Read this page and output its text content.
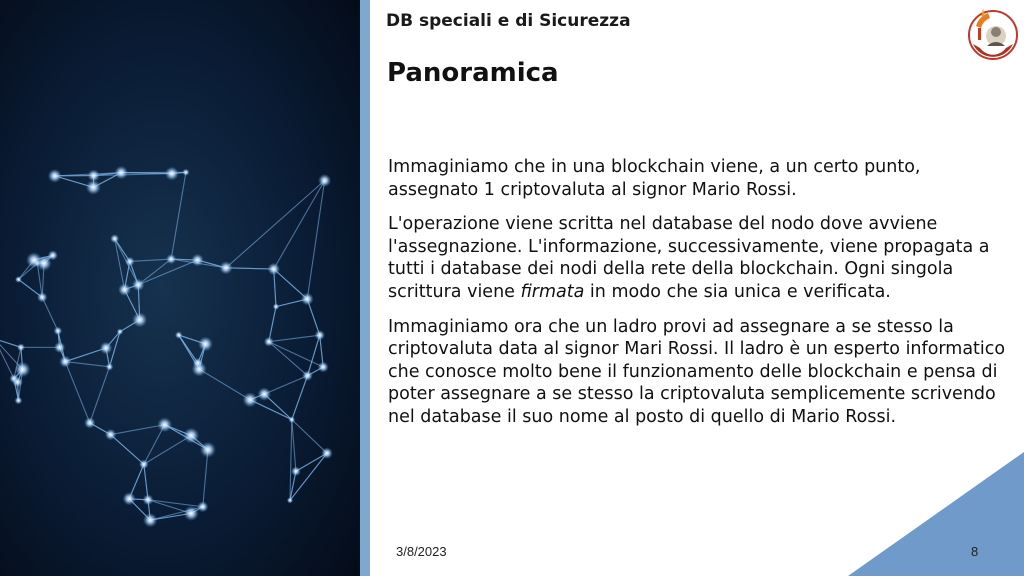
DB speciali e di Sicurezza
Panoramica

Immaginiamo che in una blockchain viene, a un certo punto, assegnato 1 criptovaluta al signor Mario Rossi.

L'operazione viene scritta nel database del nodo dove avviene l'assegnazione. L'informazione, successivamente, viene propagata a tutti i database dei nodi della rete della blockchain. Ogni singola scrittura viene firmata in modo che sia unica e verificata.

Immaginiamo ora che un ladro provi ad assegnare a se stesso la criptovaluta data al signor Mari Rossi. Il ladro è un esperto informatico che conosce molto bene il funzionamento delle blockchain e pensa di poter assegnare a se stesso la criptovaluta semplicemente scrivendo nel database il suo nome al posto di quello di Mario Rossi.

3/8/2023	8
